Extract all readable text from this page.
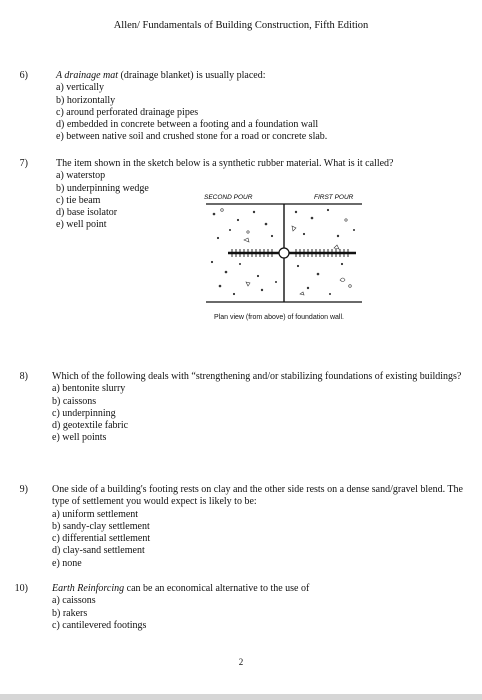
Allen/ Fundamentals of Building Construction, Fifth Edition
6)	A drainage mat (drainage blanket) is usually placed:
a) vertically
b) horizontally
c) around perforated drainage pipes
d) embedded in concrete between a footing and a foundation wall
e) between native soil and crushed stone for a road or concrete slab.
7)	The item shown in the sketch below is a synthetic rubber material. What is it called?
a) waterstop
b) underpinning wedge
c) tie beam
d) base isolator
e) well point
SECOND POUR	FIRST POUR
Plan view (from above) of foundation wall.
8) Which of the following deals with “strengthening and/or stabilizing foundations of existing buildings?
a) bentonite slurry
b) caissons
c) underpinning
d) geotextile fabric
e) well points
9) One side of a building's footing rests on clay and the other side rests on a dense sand/gravel blend. The type of settlement you would expect is likely to be:
a) uniform settlement
b) sandy-clay settlement
c) differential settlement
d) clay-sand settlement
e) none
10) Earth Reinforcing can be an economical alternative to the use of
a) caissons
b) rakers
c) cantilevered footings
2
